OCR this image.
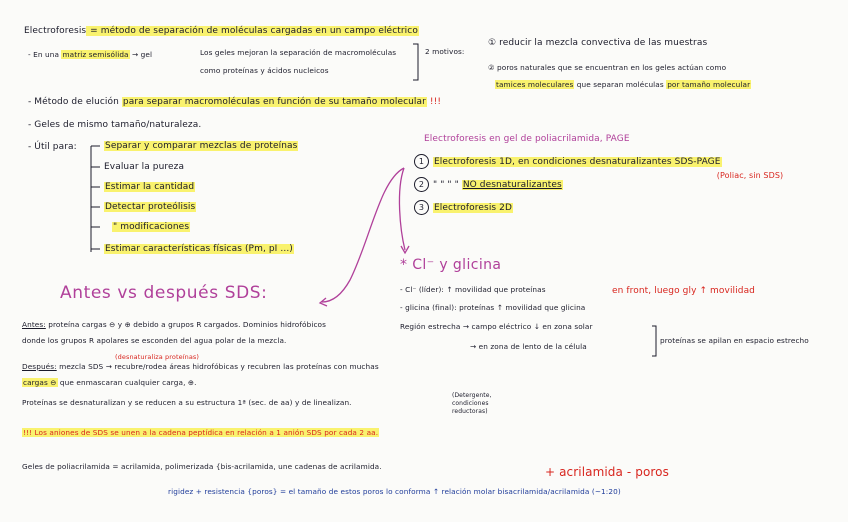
Electroforesis = método de separación de moléculas cargadas en un campo eléctrico
- En una matriz semisólida → gel	Los geles mejoran la separación de macromoléculas
como proteínas y ácidos nucleicos
2 motivos:
① reducir la mezcla convectiva de las muestras
② poros naturales que se encuentran en los geles actúan como
tamices moleculares que separan moléculas por tamaño molecular
- Método de elución para separar macromoléculas en función de su tamaño molecular !!!
- Geles de mismo tamaño/naturaleza.
- Útil para:	Separar y comparar mezclas de proteínas
Evaluar la pureza
Estimar la cantidad
Detectar proteólisis
" modificaciones
Estimar características físicas (Pm, pI ...)
Electroforesis en gel de poliacrilamida, PAGE
1 Electroforesis 1D, en condiciones desnaturalizantes SDS-PAGE
2 " " " " NO desnaturalizantes
(Poliac, sin SDS)
3 Electroforesis 2D
* Cl⁻ y glicina
- Cl⁻ (líder): ↑ movilidad que proteínas
- glicina (final): proteínas ↑ movilidad que glicina
en front, luego gly ↑ movilidad
Región estrecha → campo eléctrico ↓ en zona solar
→ en zona de lento de la célula
proteínas se apilan en espacio estrecho
Antes vs después SDS:
Antes: proteína cargas ⊖ y ⊕ debido a grupos R cargados. Dominios hidrofóbicos
donde los grupos R apolares se esconden del agua polar de la mezcla.
(desnaturaliza proteínas)
Después: mezcla SDS → recubre/rodea áreas hidrofóbicas y recubren las proteínas con muchas
cargas ⊖ que enmascaran cualquier carga, ⊕.
Proteínas se desnaturalizan y se reducen a su estructura 1ª (sec. de aa) y de linealizan.
(Detergente, condiciones reductoras)
!!! Los aniones de SDS se unen a la cadena peptídica en relación a 1 anión SDS por cada 2 aa.
Geles de poliacrilamida = acrilamida, polimerizada {bis-acrilamida, une cadenas de acrilamida.	+ acrilamida - poros
rigidez + resistencia {poros} = el tamaño de estos poros lo conforma ↑ relación molar bisacrilamida/acrilamida (~1:20)
